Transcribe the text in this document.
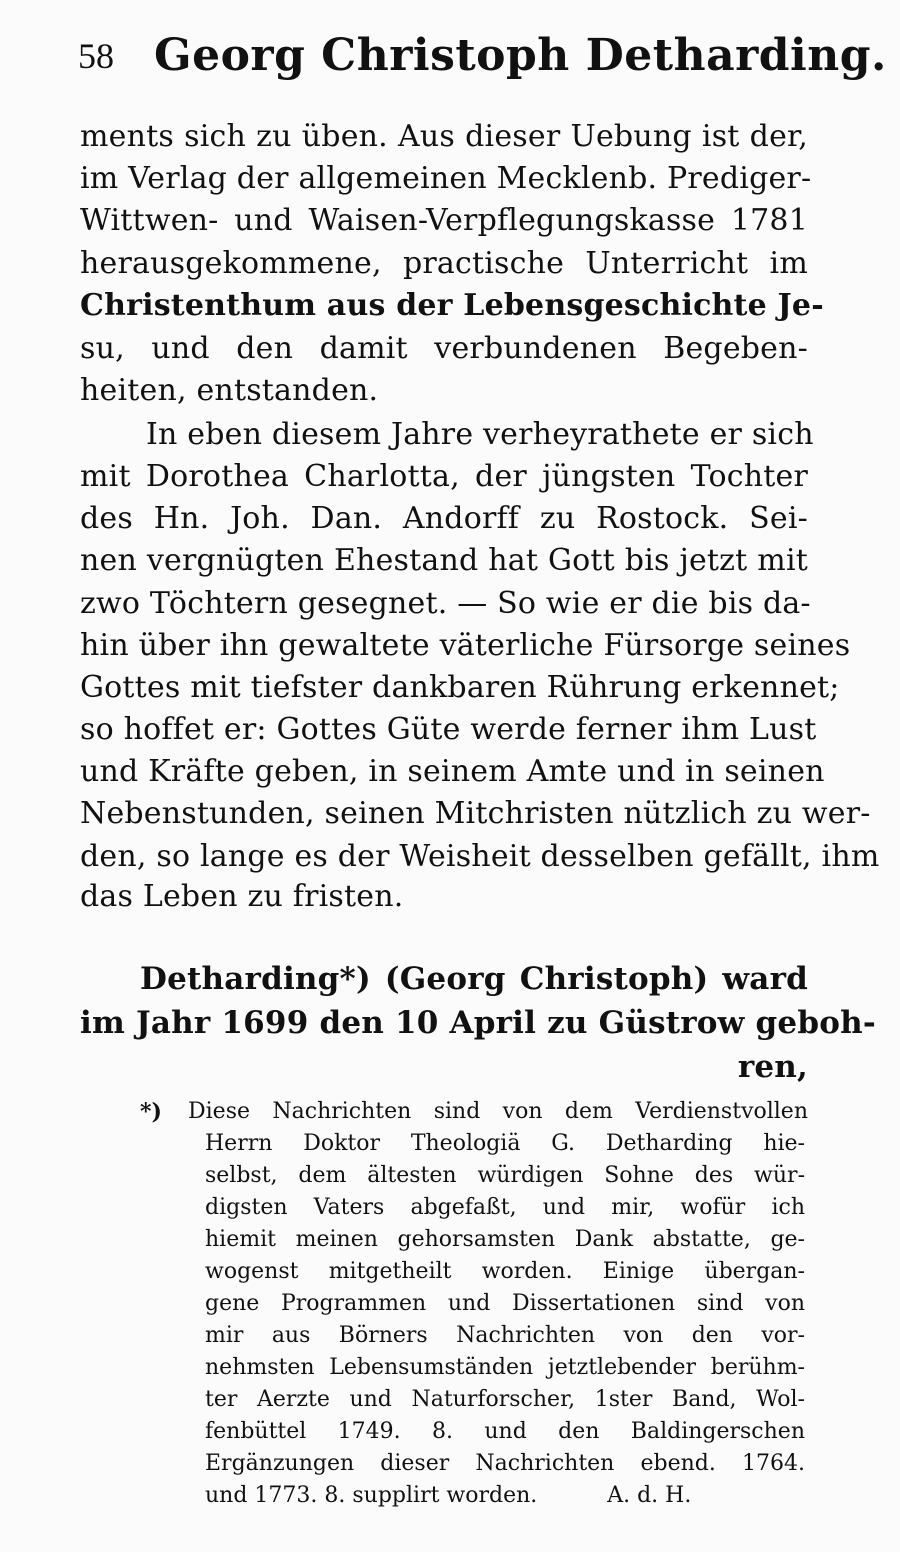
58 Georg Christoph Detharding.
ments sich zu üben. Aus dieser Uebung ist der,
im Verlag der allgemeinen Mecklenb. Prediger-
Wittwen- und Waisen-Verpflegungskasse 1781
herausgekommene, practische Unterricht im
Christenthum aus der Lebensgeschichte Je-
su, und den damit verbundenen Begeben-
heiten, entstanden.
In eben diesem Jahre verheyrathete er sich
mit Dorothea Charlotta, der jüngsten Tochter
des Hn. Joh. Dan. Andorff zu Rostock. Sei-
nen vergnügten Ehestand hat Gott bis jetzt mit
zwo Töchtern gesegnet. — So wie er die bis da-
hin über ihn gewaltete väterliche Fürsorge seines
Gottes mit tiefster dankbaren Rührung erkennet;
so hoffet er: Gottes Güte werde ferner ihm Lust
und Kräfte geben, in seinem Amte und in seinen
Nebenstunden, seinen Mitchristen nützlich zu wer-
den, so lange es der Weisheit desselben gefällt, ihm
das Leben zu fristen.
Detharding*) (Georg Christoph) ward
im Jahr 1699 den 10 April zu Güstrow geboh-
ren,
*) Diese Nachrichten sind von dem Verdienstvollen
Herrn Doktor Theologiä G. Detharding hie-
selbst, dem ältesten würdigen Sohne des wür-
digsten Vaters abgefaßt, und mir, wofür ich
hiemit meinen gehorsamsten Dank abstatte, ge-
wogenst mitgetheilt worden. Einige übergan-
gene Programmen und Dissertationen sind von
mir aus Börners Nachrichten von den vor-
nehmsten Lebensumständen jetztlebender berühm-
ter Aerzte und Naturforscher, 1ster Band, Wol-
fenbüttel 1749. 8. und den Baldingerschen
Ergänzungen dieser Nachrichten ebend. 1764.
und 1773. 8. supplirt worden.          A. d. H.
